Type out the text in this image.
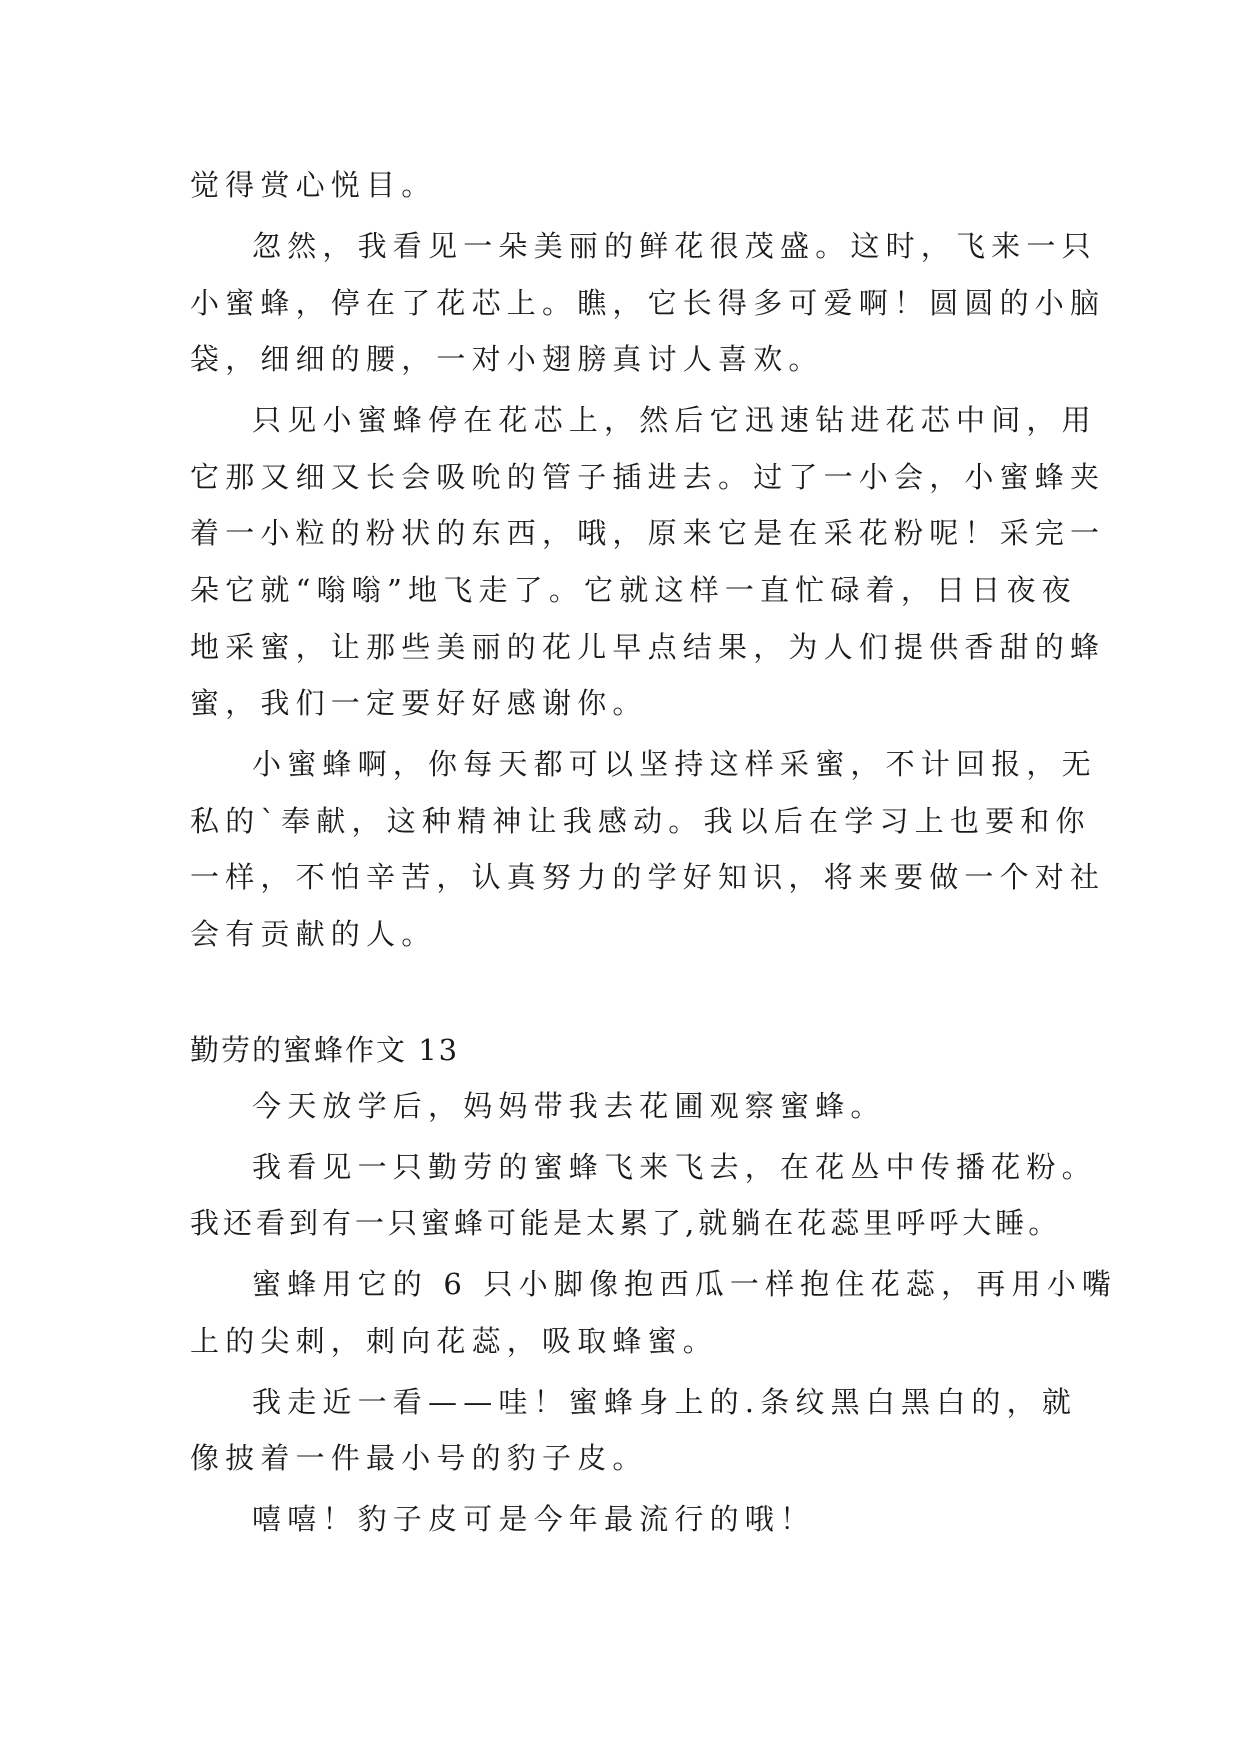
觉得赏心悦目。
忽然，我看见一朵美丽的鲜花很茂盛。这时，飞来一只
小蜜蜂，停在了花芯上。瞧，它长得多可爱啊！圆圆的小脑
袋，细细的腰，一对小翅膀真讨人喜欢。
只见小蜜蜂停在花芯上，然后它迅速钻进花芯中间，用
它那又细又长会吸吮的管子插进去。过了一小会，小蜜蜂夹
着一小粒的粉状的东西，哦，原来它是在采花粉呢！采完一
朵它就“嗡嗡”地飞走了。它就这样一直忙碌着，日日夜夜
地采蜜，让那些美丽的花儿早点结果，为人们提供香甜的蜂
蜜，我们一定要好好感谢你。
小蜜蜂啊，你每天都可以坚持这样采蜜，不计回报，无
私的`奉献，这种精神让我感动。我以后在学习上也要和你
一样，不怕辛苦，认真努力的学好知识，将来要做一个对社
会有贡献的人。
勤劳的蜜蜂作文 13
今天放学后，妈妈带我去花圃观察蜜蜂。
我看见一只勤劳的蜜蜂飞来飞去，在花丛中传播花粉。
我还看到有一只蜜蜂可能是太累了,就躺在花蕊里呼呼大睡。
蜜蜂用它的 6 只小脚像抱西瓜一样抱住花蕊，再用小嘴
上的尖刺，刺向花蕊，吸取蜂蜜。
我走近一看——哇！蜜蜂身上的.条纹黑白黑白的，就
像披着一件最小号的豹子皮。
嘻嘻！豹子皮可是今年最流行的哦！
